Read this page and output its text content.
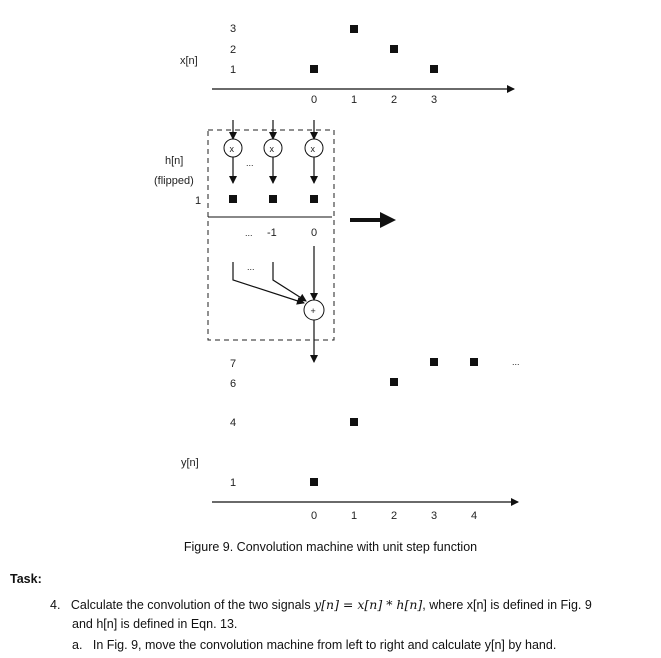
x[n]
3
2
1
0	1	2	3
h[n]
(flipped)
1
x
...
x	x
... -1	0
...
+
y[n]
7
6
4
1
0	1	2	3	4
...

Figure 9. Convolution machine with unit step function

Task:

4. Calculate the convolution of the two signals y[n] = x[n] * h[n], where x[n] is defined in Fig. 9

and h[n] is defined in Eqn. 13.

a. In Fig. 9, move the convolution machine from left to right and calculate y[n] by hand.
